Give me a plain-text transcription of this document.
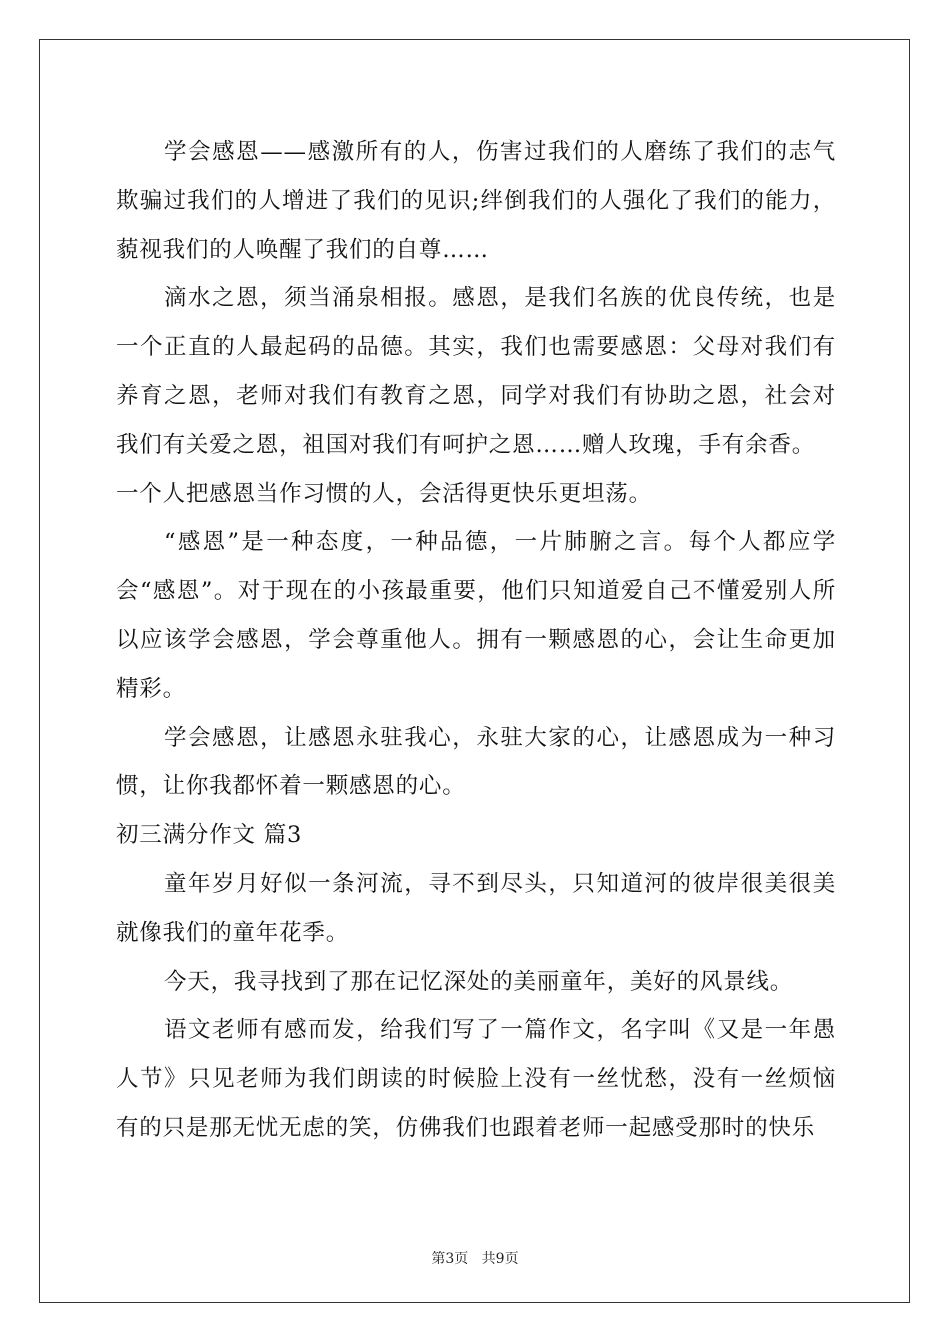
学会感恩——感激所有的人，伤害过我们的人磨练了我们的志气欺骗过我们的人增进了我们的见识;绊倒我们的人强化了我们的能力，藐视我们的人唤醒了我们的自尊……

滴水之恩，须当涌泉相报。感恩，是我们名族的优良传统，也是一个正直的人最起码的品德。其实，我们也需要感恩：父母对我们有养育之恩，老师对我们有教育之恩，同学对我们有协助之恩，社会对我们有关爱之恩，祖国对我们有呵护之恩……赠人玫瑰，手有余香。

一个人把感恩当作习惯的人，会活得更快乐更坦荡。

“感恩”是一种态度，一种品德，一片肺腑之言。每个人都应学会“感恩”。对于现在的小孩最重要，他们只知道爱自己不懂爱别人所以应该学会感恩，学会尊重他人。拥有一颗感恩的心，会让生命更加精彩。

学会感恩，让感恩永驻我心，永驻大家的心，让感恩成为一种习惯，让你我都怀着一颗感恩的心。

初三满分作文 篇3

童年岁月好似一条河流，寻不到尽头，只知道河的彼岸很美很美就像我们的童年花季。

今天，我寻找到了那在记忆深处的美丽童年，美好的风景线。

语文老师有感而发，给我们写了一篇作文，名字叫《又是一年愚人节》只见老师为我们朗读的时候脸上没有一丝忧愁，没有一丝烦恼有的只是那无忧无虑的笑，仿佛我们也跟着老师一起感受那时的快乐

第3页 共9页
